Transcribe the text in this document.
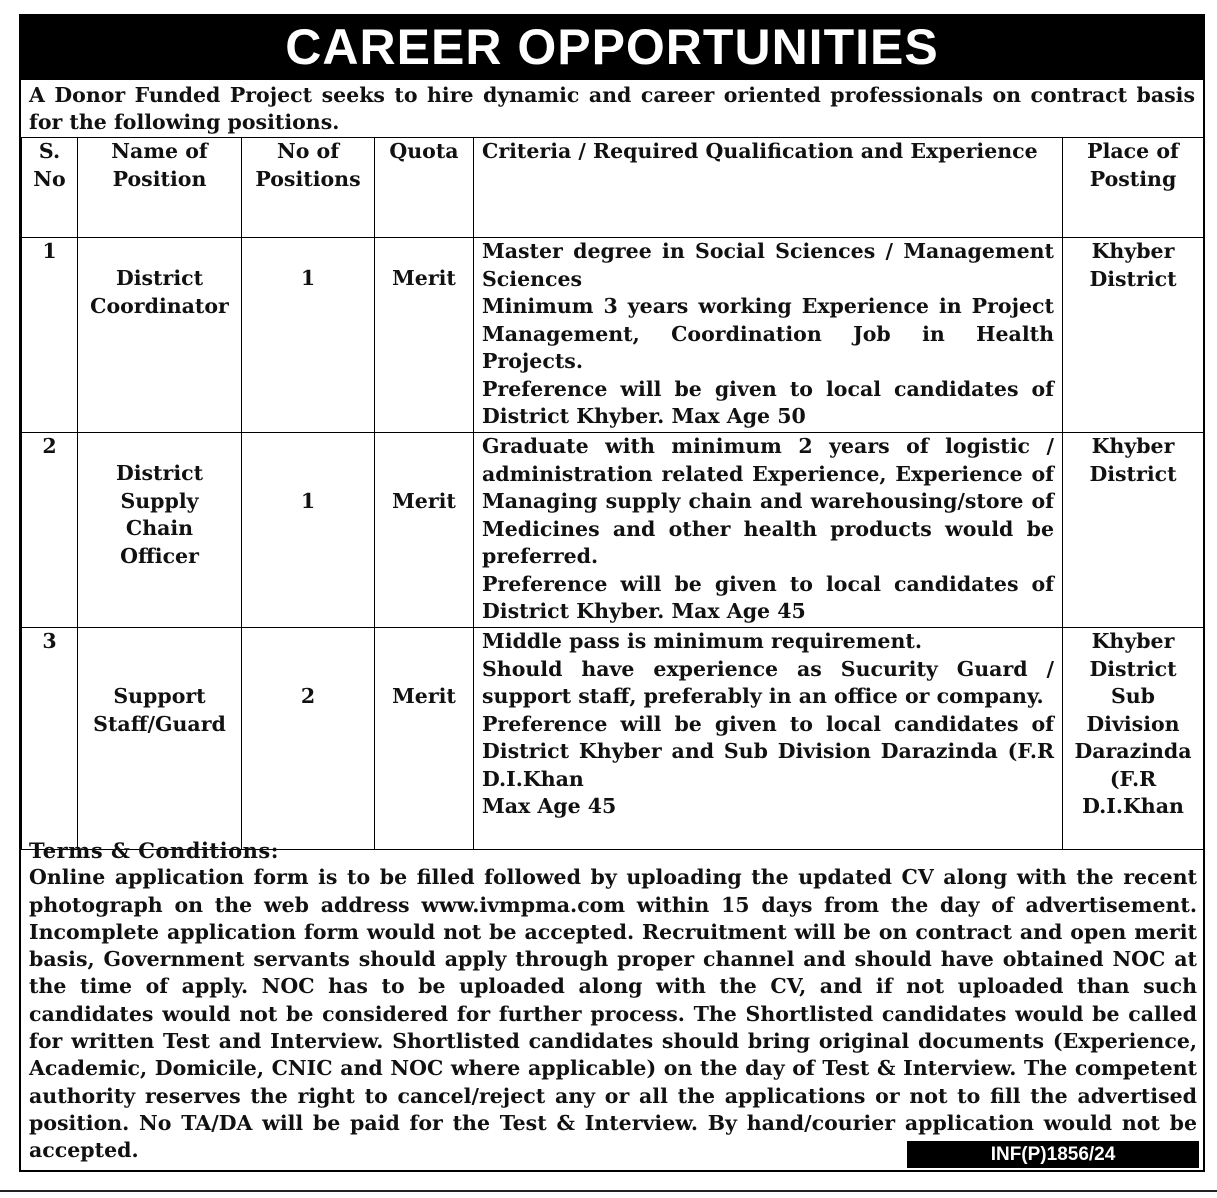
CAREER OPPORTUNITIES
A Donor Funded Project seeks to hire dynamic and career oriented professionals on contract basis for the following positions.
S. No	Name of Position	No of Positions	Quota	Criteria / Required Qualification and Experience	Place of Posting
1	District Coordinator	1	Merit	Master degree in Social Sciences / Management Sciences

Minimum 3 years working Experience in Project Management, Coordination Job in Health Projects.

Preference will be given to local candidates of District Khyber. Max Age 50	Khyber District
2	District Supply Chain Officer	1	Merit	Graduate with minimum 2 years of logistic / administration related Experience, Experience of Managing supply chain and warehousing/store of Medicines and other health products would be preferred.

Preference will be given to local candidates of District Khyber. Max Age 45	Khyber District
3	Support Staff/Guard	2	Merit	Middle pass is minimum requirement.

Should have experience as Sucurity Guard / support staff, preferably in an office or company.

Preference will be given to local candidates of District Khyber and Sub Division Darazinda (F.R D.I.Khan

Max Age 45	Khyber District Sub Division Darazinda (F.R D.I.Khan
Terms & Conditions:
Online application form is to be filled followed by uploading the updated CV along with the recent photograph on the web address www.ivmpma.com within 15 days from the day of advertisement. Incomplete application form would not be accepted. Recruitment will be on contract and open merit basis, Government servants should apply through proper channel and should have obtained NOC at the time of apply. NOC has to be uploaded along with the CV, and if not uploaded than such candidates would not be considered for further process. The Shortlisted candidates would be called for written Test and Interview. Shortlisted candidates should bring original documents (Experience, Academic, Domicile, CNIC and NOC where applicable) on the day of Test & Interview. The competent authority reserves the right to cancel/reject any or all the applications or not to fill the advertised position. No TA/DA will be paid for the Test & Interview. By hand/courier application would not be accepted.	INF(P)1856/24
